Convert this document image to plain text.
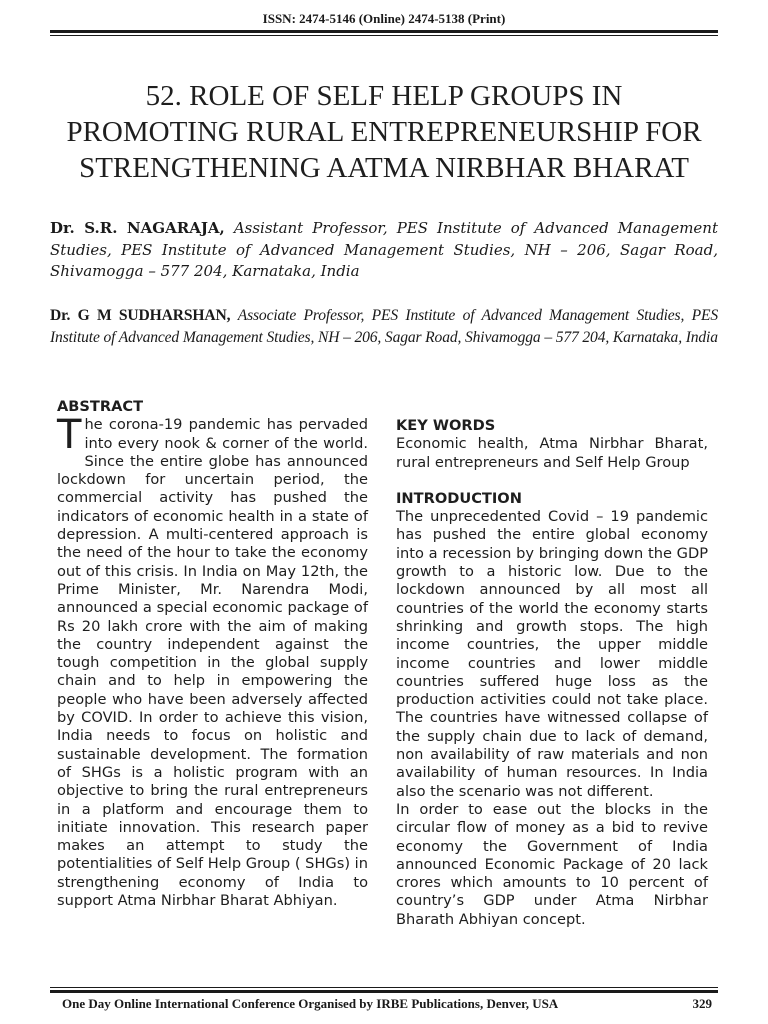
ISSN: 2474-5146 (Online) 2474-5138 (Print)
52. ROLE OF SELF HELP GROUPS IN
PROMOTING RURAL ENTREPRENEURSHIP FOR
STRENGTHENING AATMA NIRBHAR BHARAT
Dr. S.R. NAGARAJA, Assistant Professor, PES Institute of Advanced Management Studies, PES Institute of Advanced Management Studies, NH – 206, Sagar Road, Shivamogga – 577 204, Karnataka, India
Dr. G M SUDHARSHAN, Associate Professor, PES Institute of Advanced Management Studies, PES Institute of Advanced Management Studies, NH – 206, Sagar Road, Shivamogga – 577 204, Karnataka, India
ABSTRACT
T he corona-19 pandemic has pervaded into every nook & corner of the world. Since the entire globe has announced lockdown for uncertain period, the commercial activity has pushed the indicators of economic health in a state of depression. A multi-centered approach is the need of the hour to take the economy out of this crisis. In India on May 12th, the Prime Minister, Mr. Narendra Modi, announced a special economic package of Rs 20 lakh crore with the aim of making the country independent against the tough competition in the global supply chain and to help in empowering the people who have been adversely affected by COVID. In order to achieve this vision, India needs to focus on holistic and sustainable development. The formation of SHGs is a holistic program with an objective to bring the rural entrepreneurs in a platform and encourage them to initiate innovation. This research paper makes an attempt to study the potentialities of Self Help Group ( SHGs) in strengthening economy of India to support Atma Nirbhar Bharat Abhiyan.

KEY WORDS

Economic health, Atma Nirbhar Bharat, rural entrepreneurs and Self Help Group

INTRODUCTION

The unprecedented Covid – 19 pandemic has pushed the entire global economy into a recession by bringing down the GDP growth to a historic low. Due to the lockdown announced by all most all countries of the world the economy starts shrinking and growth stops. The high income countries, the upper middle income countries and lower middle countries suffered huge loss as the production activities could not take place. The countries have witnessed collapse of the supply chain due to lack of demand, non availability of raw materials and non availability of human resources. In India also the scenario was not different.

In order to ease out the blocks in the circular flow of money as a bid to revive economy the Government of India announced Economic Package of 20 lack crores which amounts to 10 percent of country’s GDP under Atma Nirbhar Bharath Abhiyan concept.

One Day Online International Conference Organised by IRBE Publications, Denver, USA	329
